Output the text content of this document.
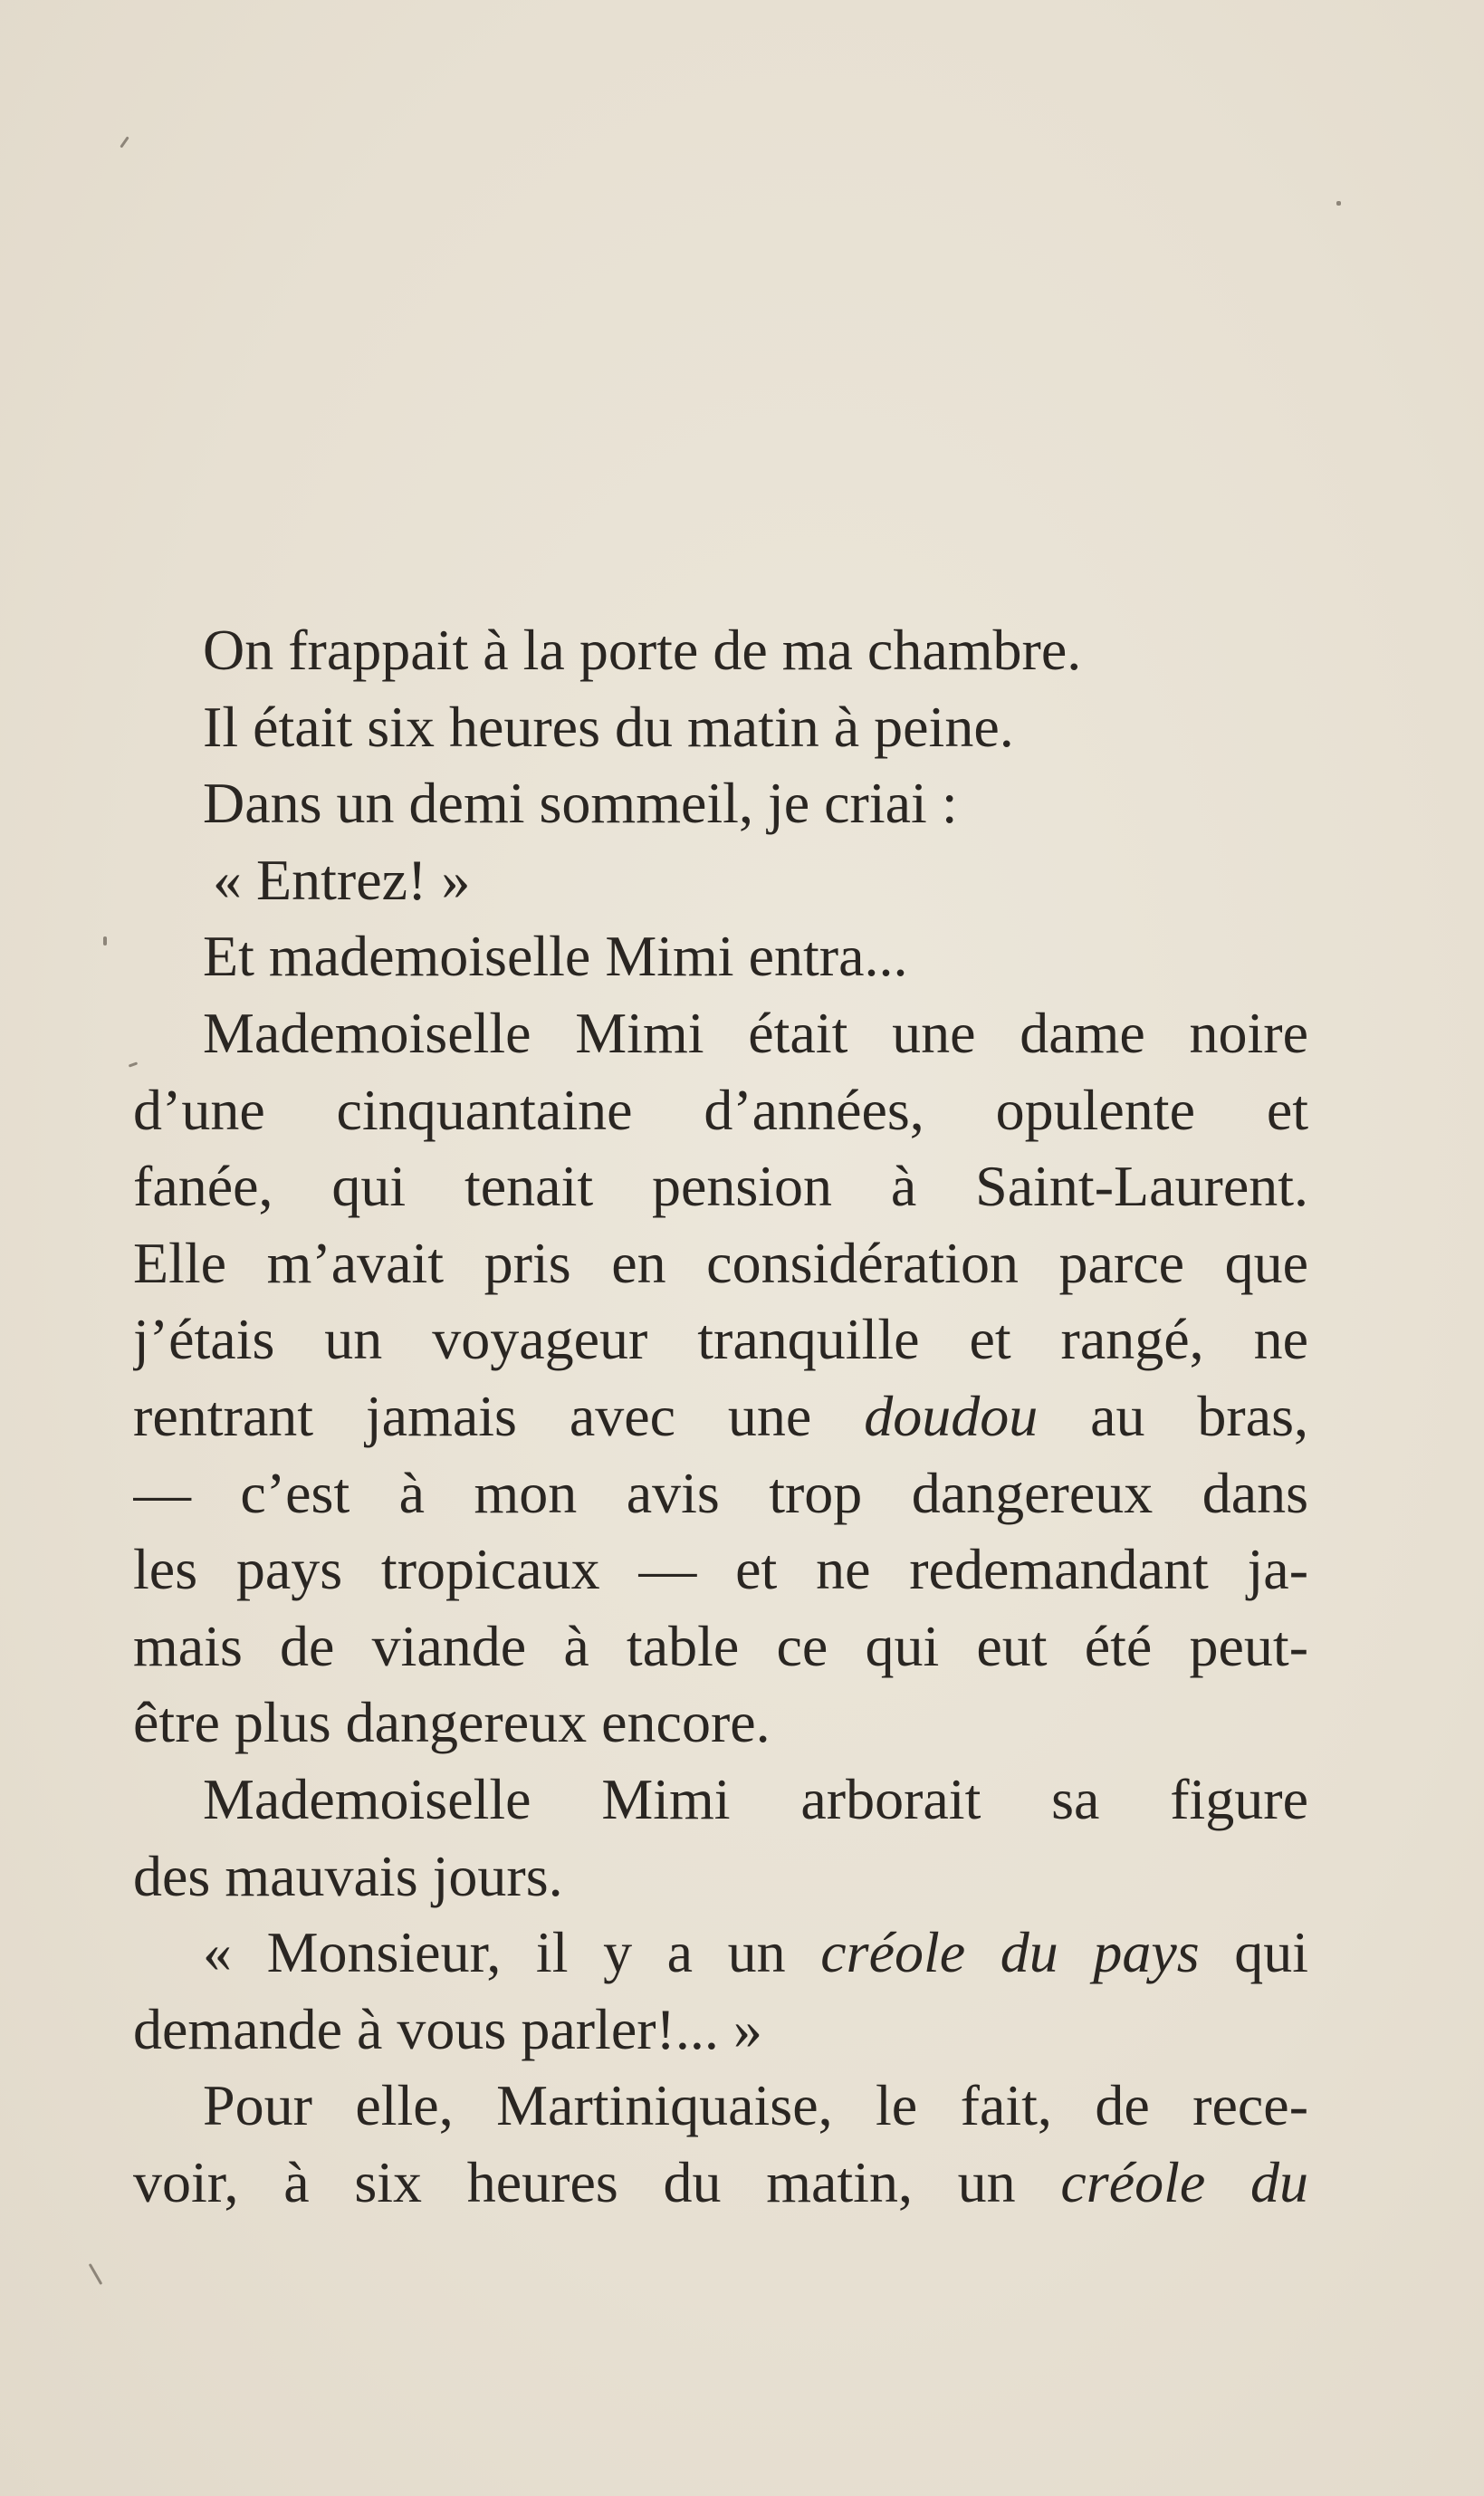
On frappait à la porte de ma chambre.
Il était six heures du matin à peine.
Dans un demi sommeil, je criai :
« Entrez! »
Et mademoiselle Mimi entra...
Mademoiselle Mimi était une dame noire
d’une cinquantaine d’années, opulente et
fanée, qui tenait pension à Saint-Laurent.
Elle m’avait pris en considération parce que
j’étais un voyageur tranquille et rangé, ne
rentrant jamais avec une doudou au bras,
— c’est à mon avis trop dangereux dans
les pays tropicaux — et ne redemandant ja-
mais de viande à table ce qui eut été peut-
être plus dangereux encore.
Mademoiselle Mimi arborait sa figure
des mauvais jours.
« Monsieur, il y a un créole du pays qui
demande à vous parler!... »
Pour elle, Martiniquaise, le fait, de rece-
voir, à six heures du matin, un créole du
